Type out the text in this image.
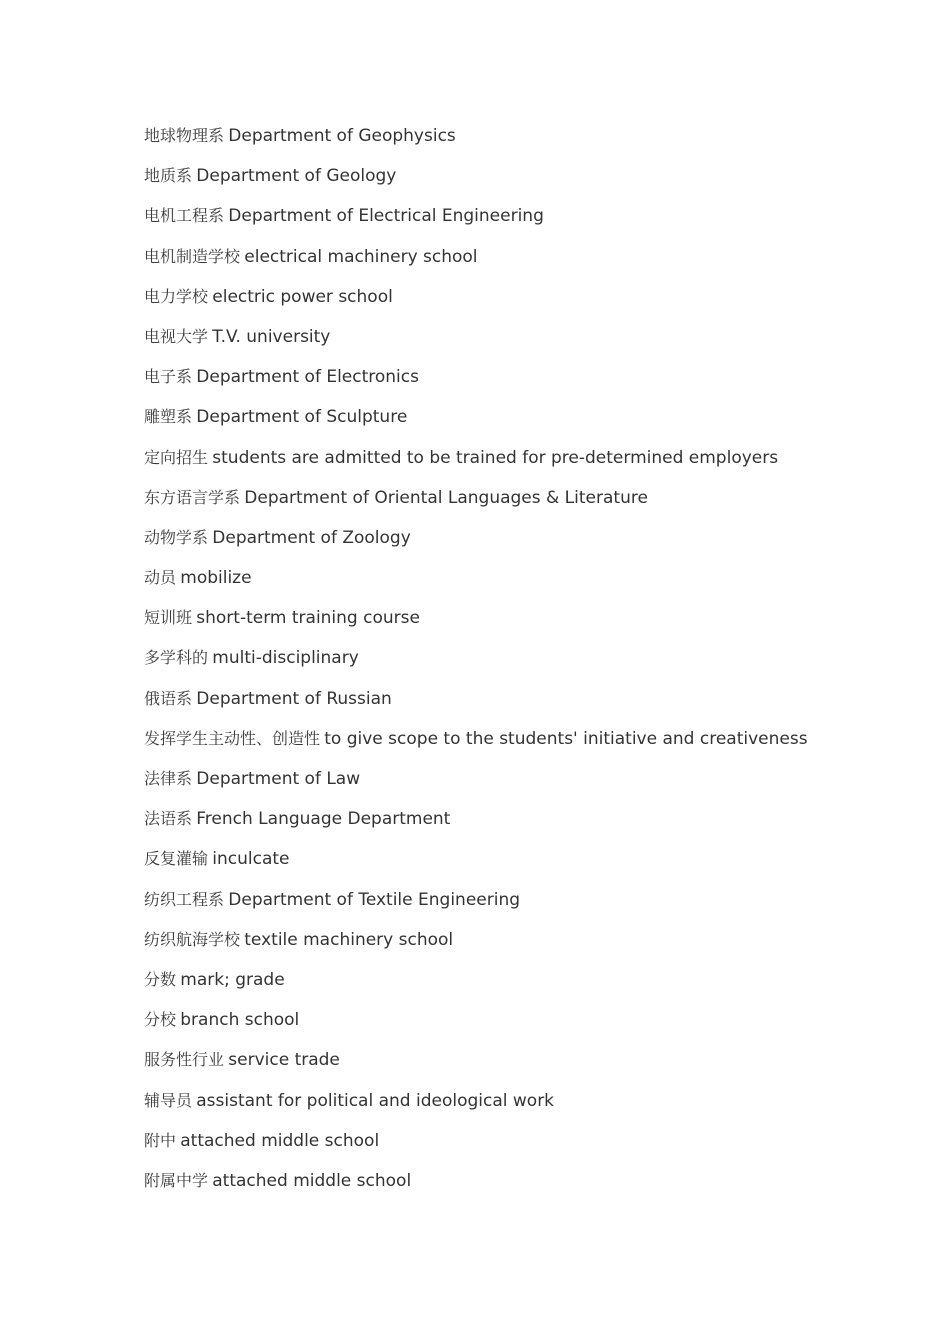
地球物理系 Department of Geophysics
地质系 Department of Geology
电机工程系 Department of Electrical Engineering
电机制造学校 electrical machinery school
电力学校 electric power school
电视大学 T.V. university
电子系 Department of Electronics
雕塑系 Department of Sculpture
定向招生 students are admitted to be trained for pre-determined employers
东方语言学系 Department of Oriental Languages & Literature
动物学系 Department of Zoology
动员 mobilize
短训班 short-term training course
多学科的 multi-disciplinary
俄语系 Department of Russian
发挥学生主动性、创造性 to give scope to the students' initiative and creativeness
法律系 Department of Law
法语系 French Language Department
反复灌输 inculcate
纺织工程系 Department of Textile Engineering
纺织航海学校 textile machinery school
分数 mark; grade
分校 branch school
服务性行业 service trade
辅导员 assistant for political and ideological work
附中 attached middle school
附属中学 attached middle school
